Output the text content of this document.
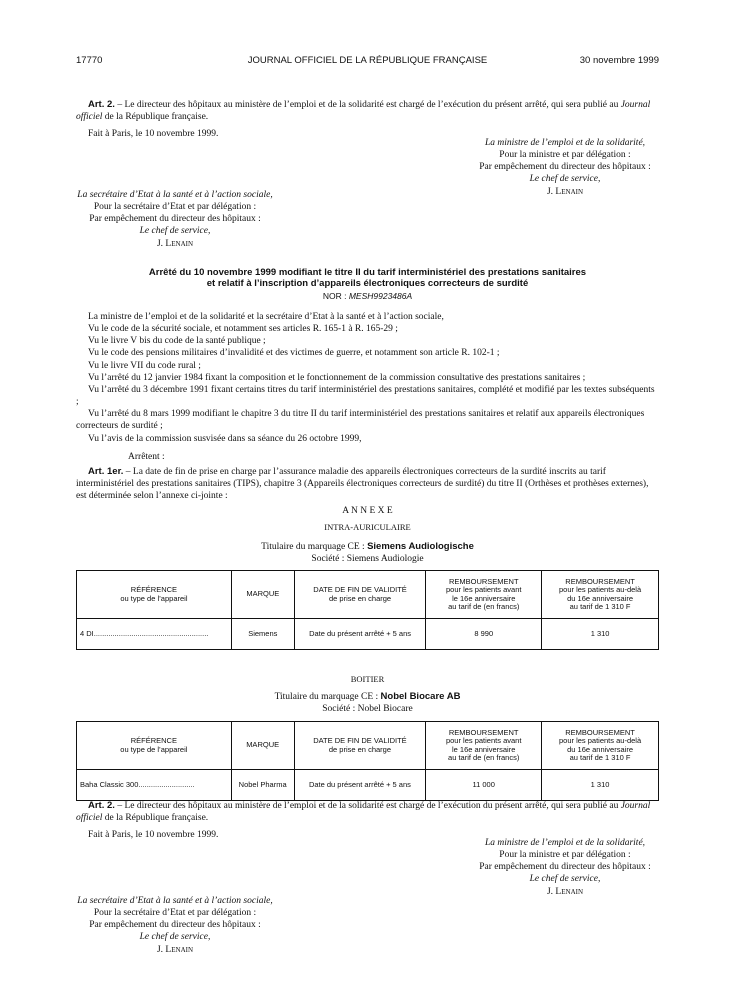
17770	JOURNAL OFFICIEL DE LA RÉPUBLIQUE FRANÇAISE	30 novembre 1999

Art. 2. – Le directeur des hôpitaux au ministère de l’emploi et de la solidarité est chargé de l’exécution du présent arrêté, qui sera publié au Journal officiel de la République française.

Fait à Paris, le 10 novembre 1999.

La ministre de l’emploi et de la solidarité,
Pour la ministre et par délégation :
Par empêchement du directeur des hôpitaux :
Le chef de service,
J. Lenain
La secrétaire d’Etat à la santé et à l’action sociale,
Pour la secrétaire d’Etat et par délégation :
Par empêchement du directeur des hôpitaux :
Le chef de service,
J. Lenain
Arrêté du 10 novembre 1999 modifiant le titre II du tarif interministériel des prestations sanitaires
et relatif à l’inscription d’appareils électroniques correcteurs de surdité
NOR : MESH9923486A

La ministre de l’emploi et de la solidarité et la secrétaire d’Etat à la santé et à l’action sociale,

Vu le code de la sécurité sociale, et notamment ses articles R. 165-1 à R. 165-29 ;

Vu le livre V bis du code de la santé publique ;

Vu le code des pensions militaires d’invalidité et des victimes de guerre, et notamment son article R. 102-1 ;

Vu le livre VII du code rural ;

Vu l’arrêté du 12 janvier 1984 fixant la composition et le fonctionnement de la commission consultative des prestations sanitaires ;

Vu l’arrêté du 3 décembre 1991 fixant certains titres du tarif interministériel des prestations sanitaires, complété et modifié par les textes subséquents ;

Vu l’arrêté du 8 mars 1999 modifiant le chapitre 3 du titre II du tarif interministériel des prestations sanitaires et relatif aux appareils électroniques correcteurs de surdité ;

Vu l’avis de la commission susvisée dans sa séance du 26 octobre 1999,

Arrêtent :

Art. 1er. – La date de fin de prise en charge par l’assurance maladie des appareils électroniques correcteurs de la surdité inscrits au tarif interministériel des prestations sanitaires (TIPS), chapitre 3 (Appareils électroniques correcteurs de surdité) du titre II (Orthèses et prothèses externes), est déterminée selon l’annexe ci-jointe :

A N N E X E
INTRA-AURICULAIRE
Titulaire du marquage CE : Siemens Audiologische
Société : Siemens Audiologie
RÉFÉRENCE
ou type de l’appareil	MARQUE	DATE DE FIN DE VALIDITÉ
de prise en charge	REMBOURSEMENT
pour les patients avant
le 16e anniversaire
au tarif de (en francs)	REMBOURSEMENT
pour les patients au-delà
du 16e anniversaire
au tarif de 1 310 F
4 DI.......................................................	Siemens	Date du présent arrêté + 5 ans	8 990	1 310
BOITIER
Titulaire du marquage CE : Nobel Biocare AB
Société : Nobel Biocare
RÉFÉRENCE
ou type de l’appareil	MARQUE	DATE DE FIN DE VALIDITÉ
de prise en charge	REMBOURSEMENT
pour les patients avant
le 16e anniversaire
au tarif de (en francs)	REMBOURSEMENT
pour les patients au-delà
du 16e anniversaire
au tarif de 1 310 F
Baha Classic 300...........................	Nobel Pharma	Date du présent arrêté + 5 ans	11 000	1 310

Art. 2. – Le directeur des hôpitaux au ministère de l’emploi et de la solidarité est chargé de l’exécution du présent arrêté, qui sera publié au Journal officiel de la République française.

Fait à Paris, le 10 novembre 1999.

La ministre de l’emploi et de la solidarité,
Pour la ministre et par délégation :
Par empêchement du directeur des hôpitaux :
Le chef de service,
J. Lenain
La secrétaire d’Etat à la santé et à l’action sociale,
Pour la secrétaire d’Etat et par délégation :
Par empêchement du directeur des hôpitaux :
Le chef de service,
J. Lenain
